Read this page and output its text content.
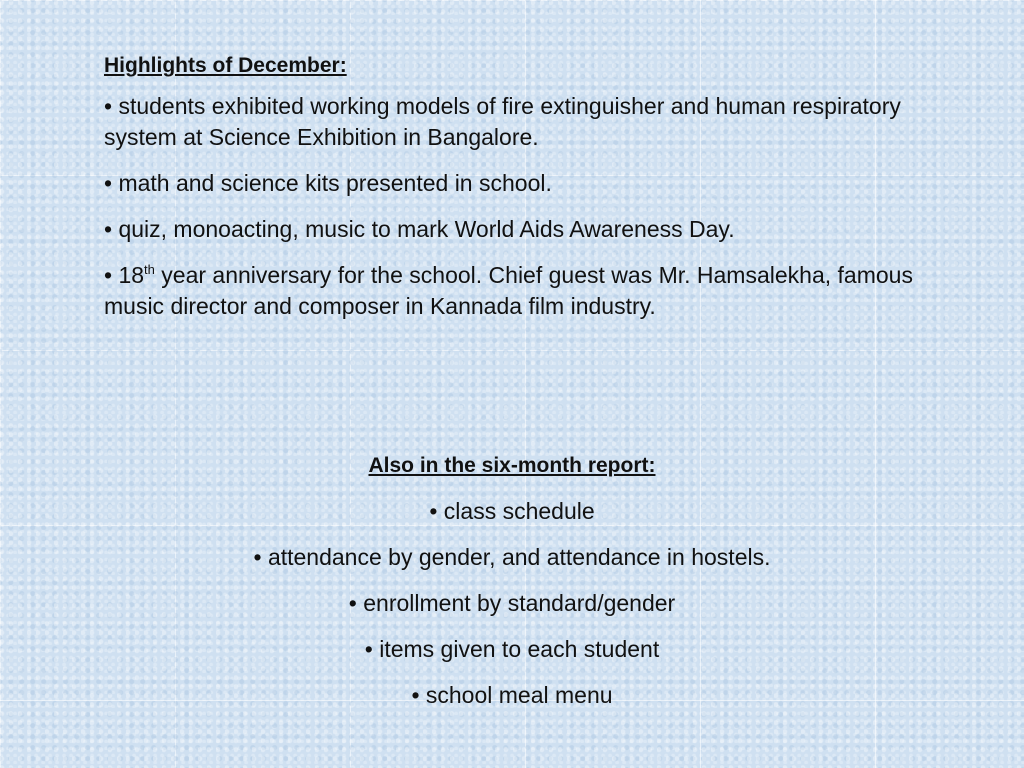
Highlights of December:
• students exhibited working models of fire extinguisher and human respiratory system at Science Exhibition in Bangalore.
• math and science kits presented in school.
• quiz, monoacting, music to mark World Aids Awareness Day.
• 18th year anniversary for the school. Chief guest was Mr. Hamsalekha, famous music director and composer in Kannada film industry.
Also in the six-month report:
• class schedule
• attendance by gender, and attendance in hostels.
• enrollment by standard/gender
• items given to each student
• school meal menu
